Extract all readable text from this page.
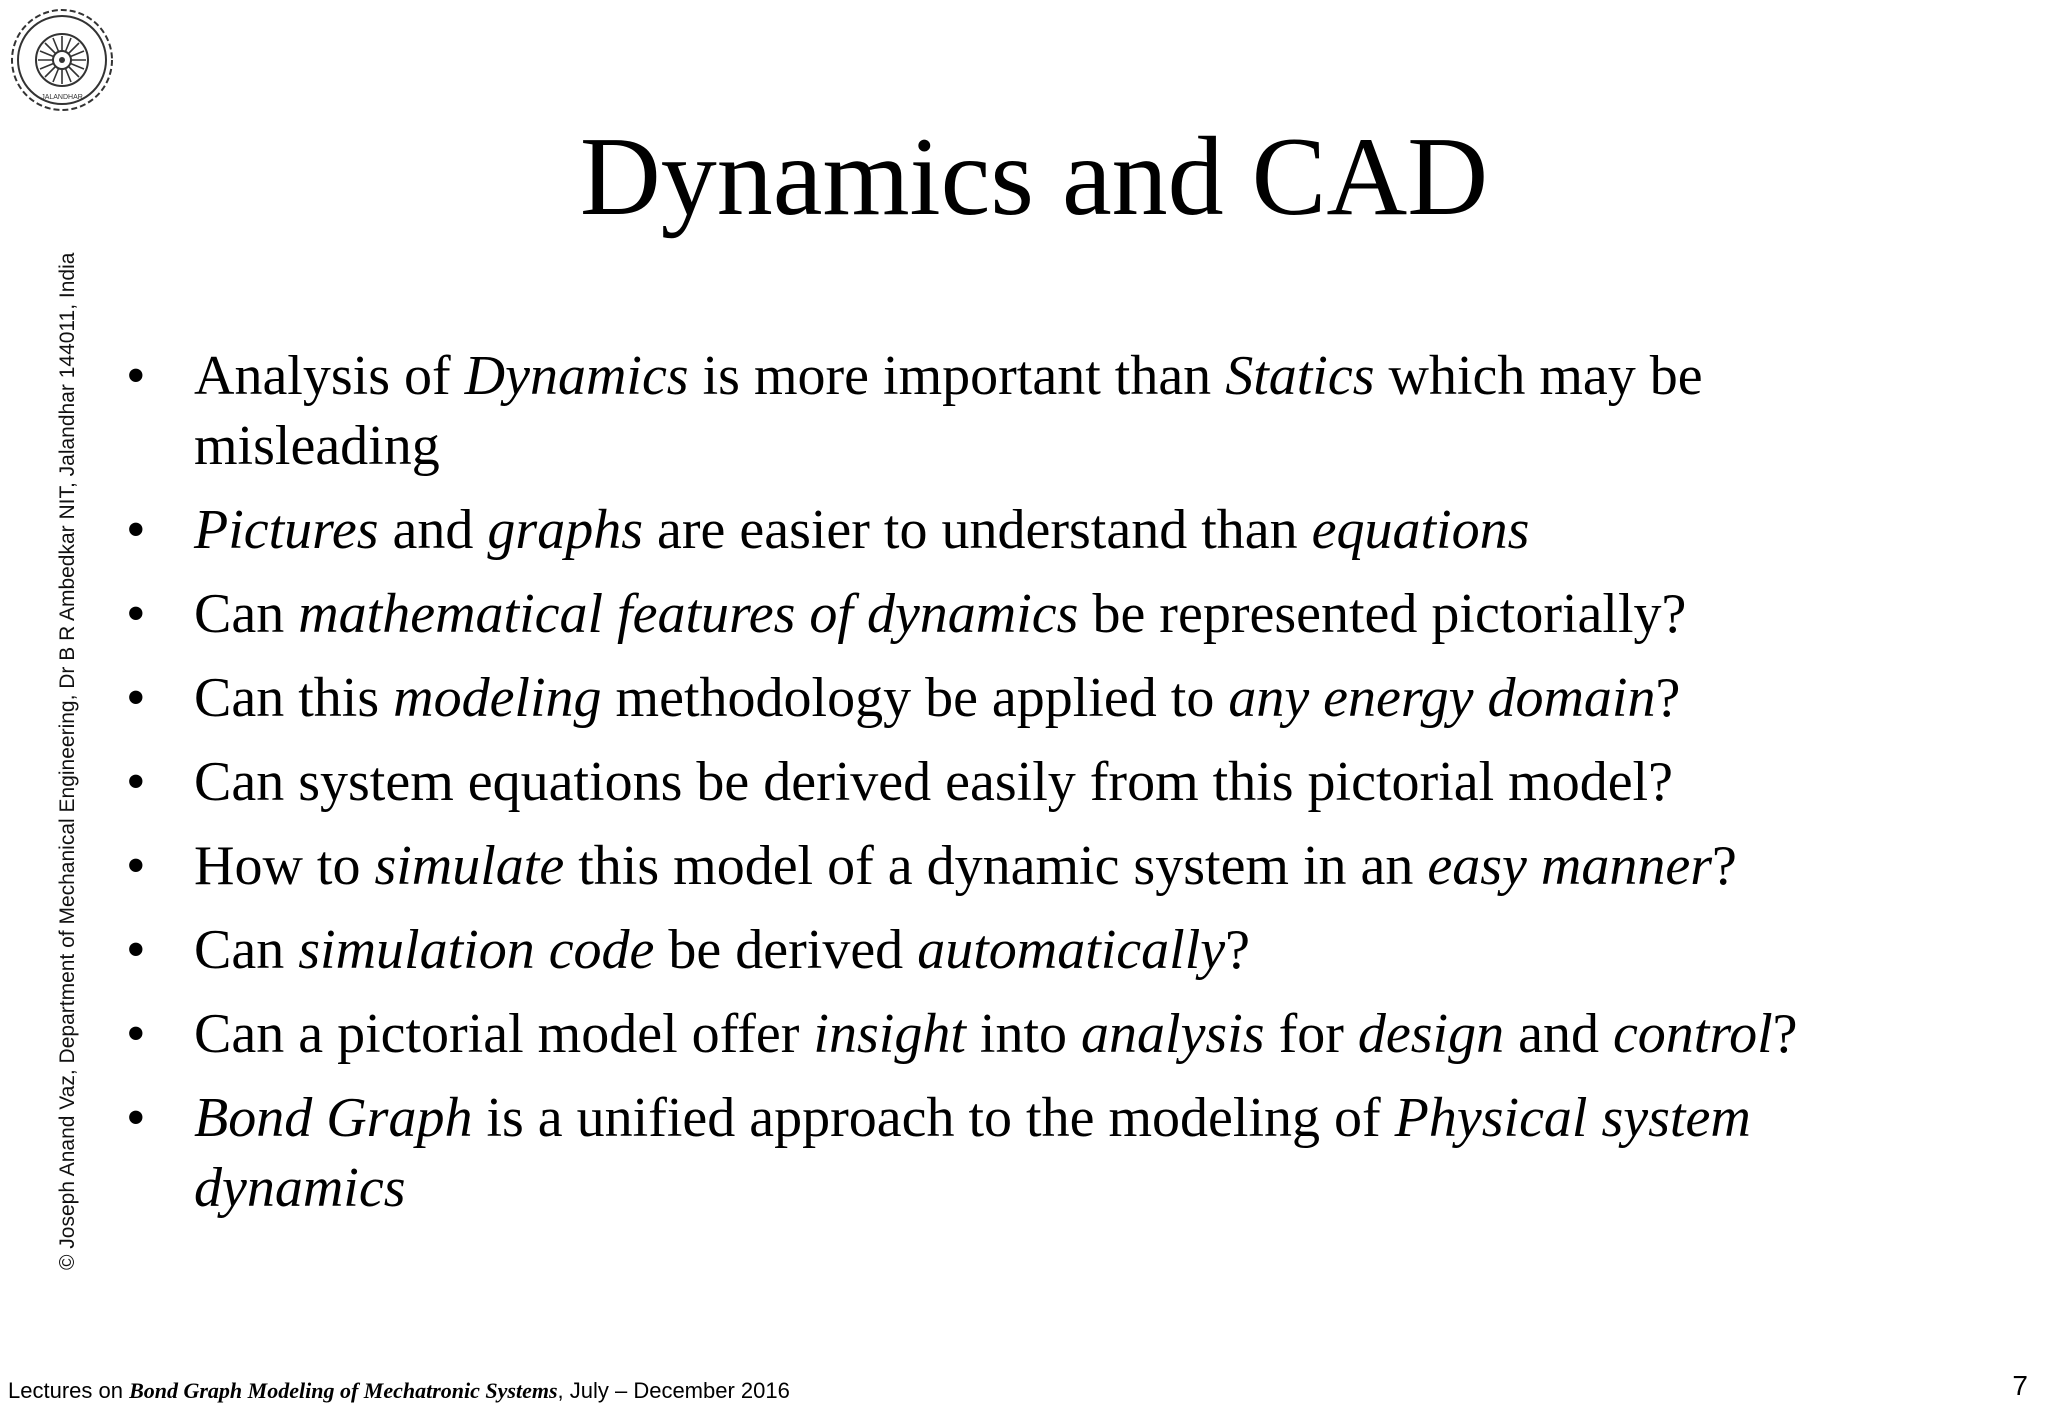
JALANDHAR
© Joseph Anand Vaz, Department of Mechanical Engineering, Dr B R Ambedkar NIT, Jalandhar 144011, India
Dynamics and CAD
• Analysis of Dynamics is more important than Statics which may be misleading
• Pictures and graphs are easier to understand than equations
• Can mathematical features of dynamics be represented pictorially?
• Can this modeling methodology be applied to any energy domain?
• Can system equations be derived easily from this pictorial model?
• How to simulate this model of a dynamic system in an easy manner?
• Can simulation code be derived automatically?
• Can a pictorial model offer insight into analysis for design and control?
• Bond Graph is a unified approach to the modeling of Physical system dynamics
Lectures on Bond Graph Modeling of Mechatronic Systems, July – December 2016	7
